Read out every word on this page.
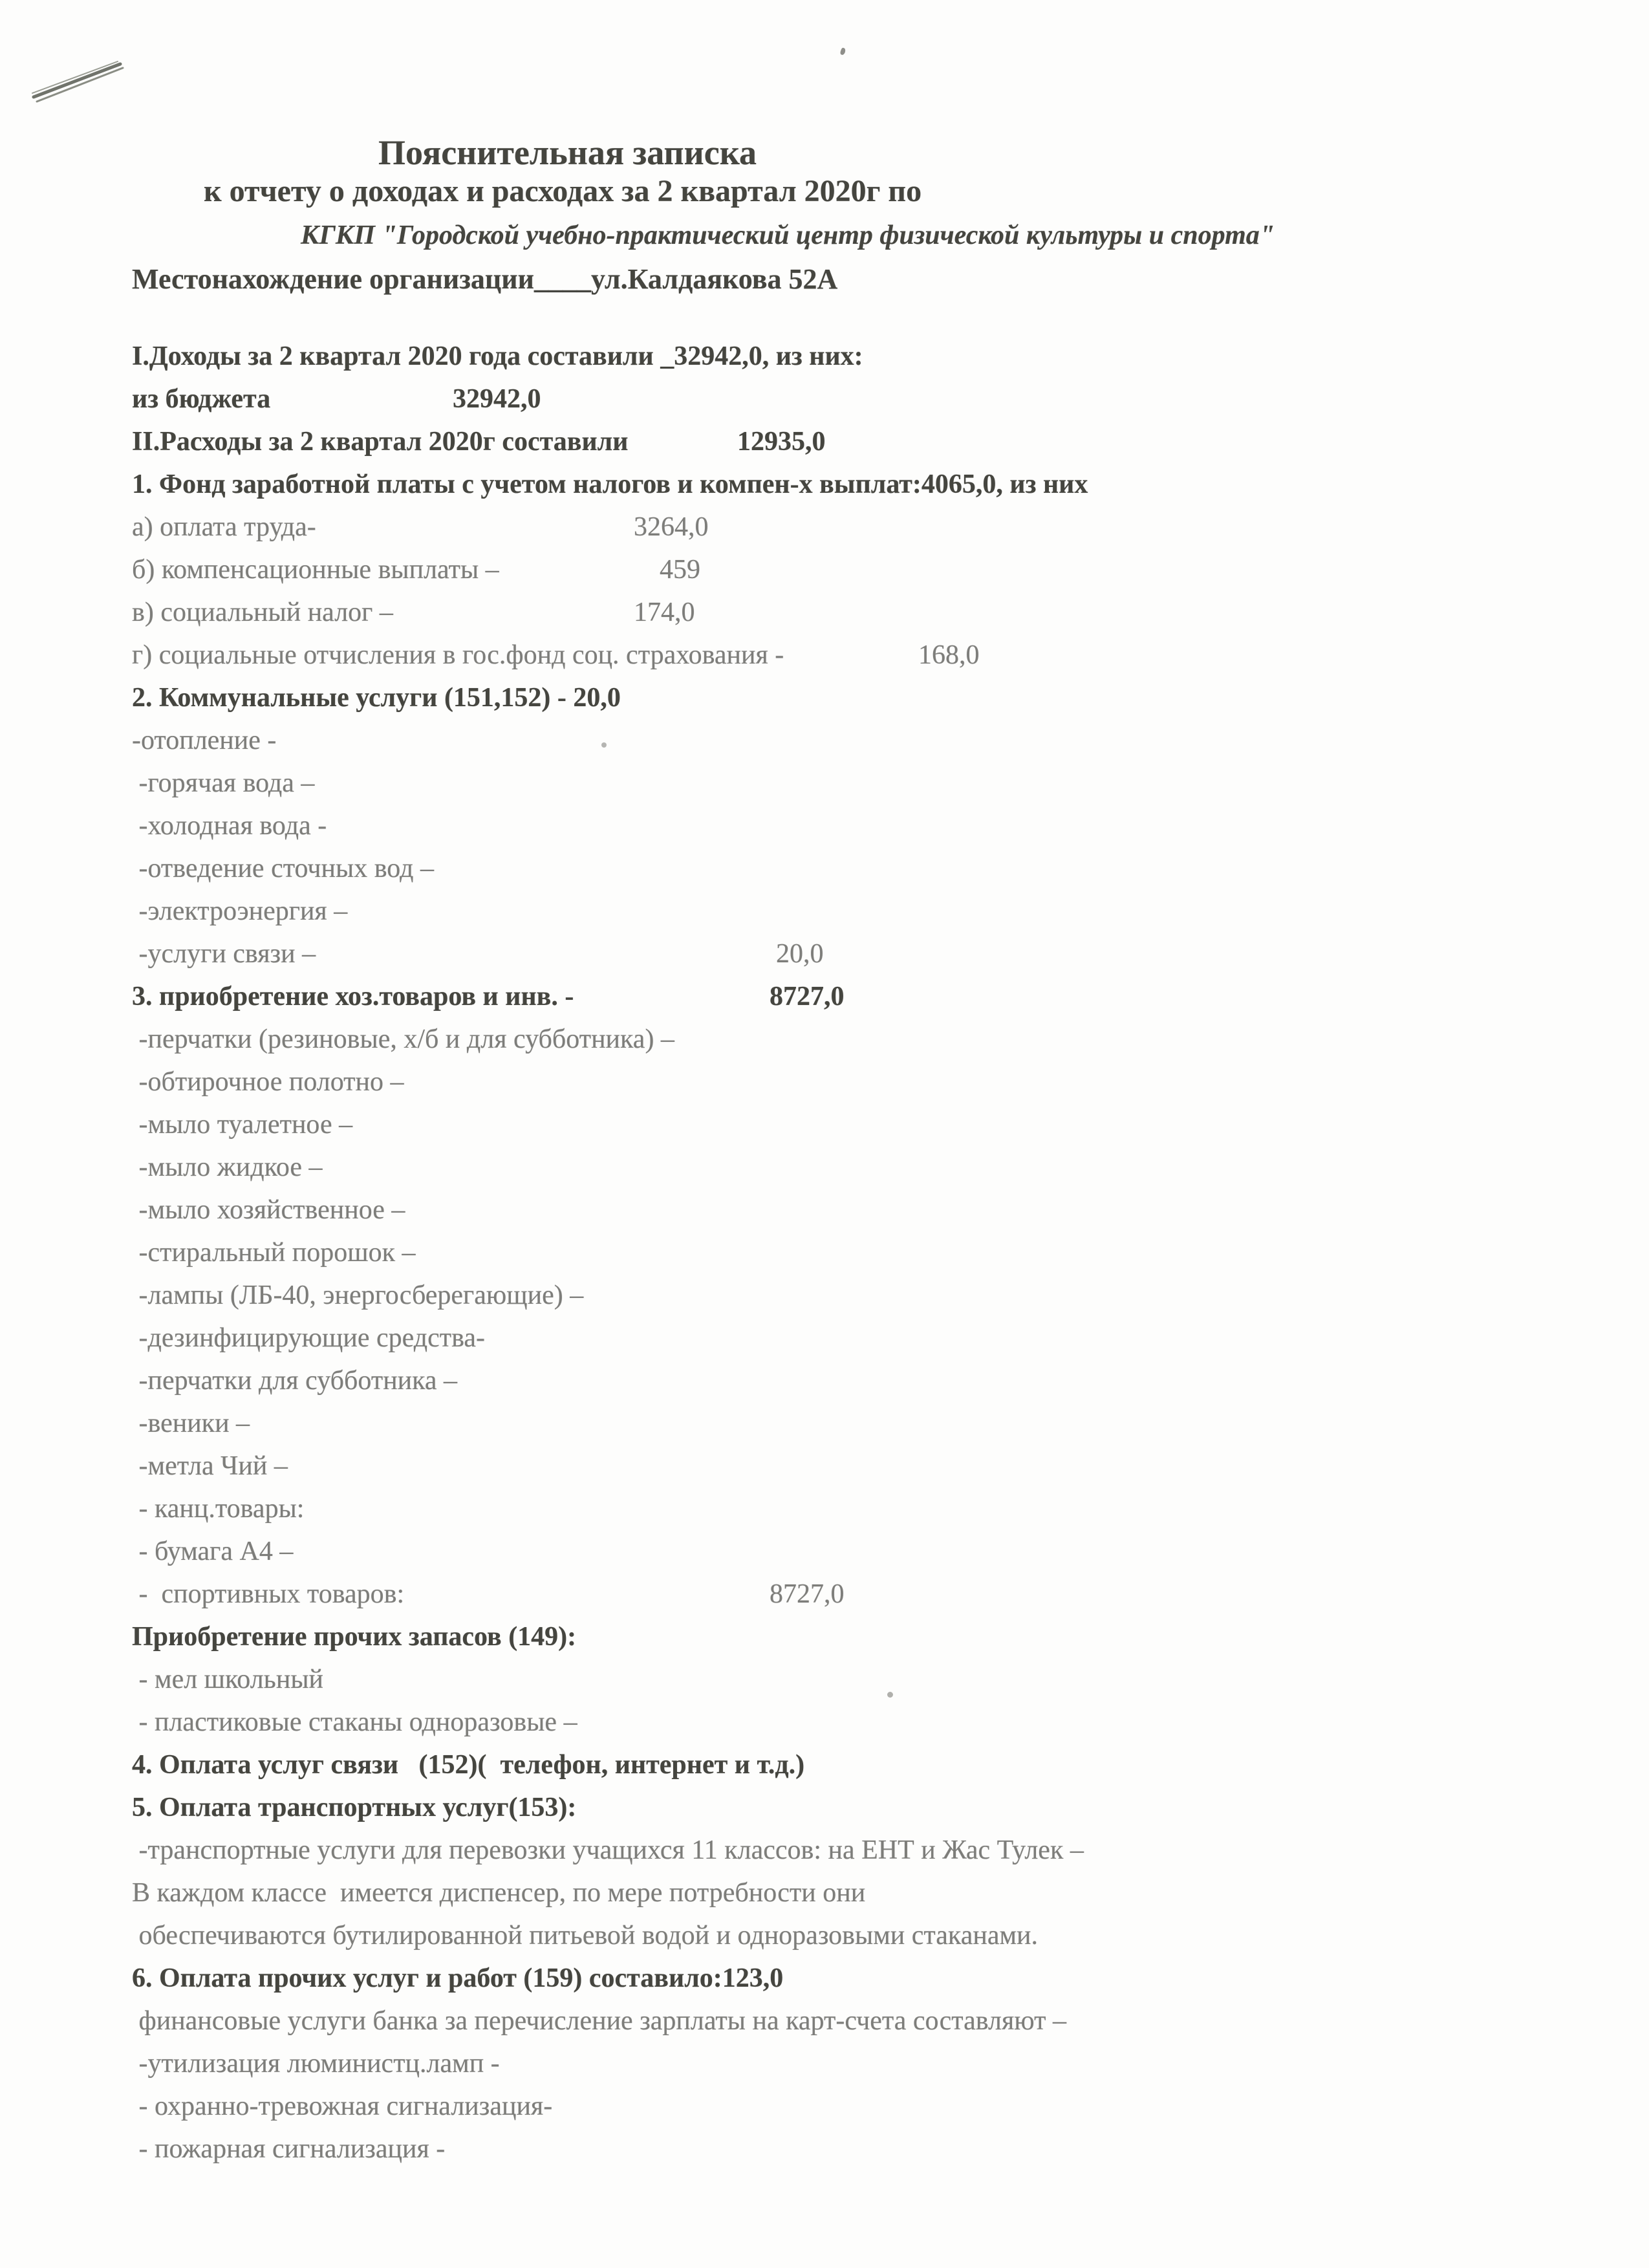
Пояснительная записка
к отчету о доходах и расходах за 2 квартал 2020г по
КГКП "Городской учебно-практический центр физической культуры и спорта"
Местонахождение организации____ул.Калдаякова 52А
I.Доходы за 2 квартал 2020 года составили _32942,0, из них:
из бюджета	32942,0
II.Расходы за 2 квартал 2020г составили	12935,0
1. Фонд заработной платы с учетом налогов и компен-х выплат:4065,0, из них
а) оплата труда-	3264,0
б) компенсационные выплаты –	459
в) социальный налог –	174,0
г) социальные отчисления в гос.фонд соц. страхования -	168,0
2. Коммунальные услуги (151,152) - 20,0
-отопление -
-горячая вода –
-холодная вода -
-отведение сточных вод –
-электроэнергия –
-услуги связи –	20,0
3. приобретение хоз.товаров и инв. -	8727,0
-перчатки (резиновые, х/б и для субботника) –
-обтирочное полотно –
-мыло туалетное –
-мыло жидкое –
-мыло хозяйственное –
-стиральный порошок –
-лампы (ЛБ-40, энергосберегающие) –
-дезинфицирующие средства-
-перчатки для субботника –
-веники –
-метла Чий –
- канц.товары:
- бумага А4 –
-  спортивных товаров:	8727,0
Приобретение прочих запасов (149):
- мел школьный
- пластиковые стаканы одноразовые –
4. Оплата услуг связи   (152)(  телефон, интернет и т.д.)
5. Оплата транспортных услуг(153):
-транспортные услуги для перевозки учащихся 11 классов: на ЕНТ и Жас Тулек –
В каждом классе  имеется диспенсер, по мере потребности они
обеспечиваются бутилированной питьевой водой и одноразовыми стаканами.
6. Оплата прочих услуг и работ (159) составило:123,0
финансовые услуги банка за перечисление зарплаты на карт-счета составляют –
-утилизация люминистц.ламп -
- охранно-тревожная сигнализация-
- пожарная сигнализация -
